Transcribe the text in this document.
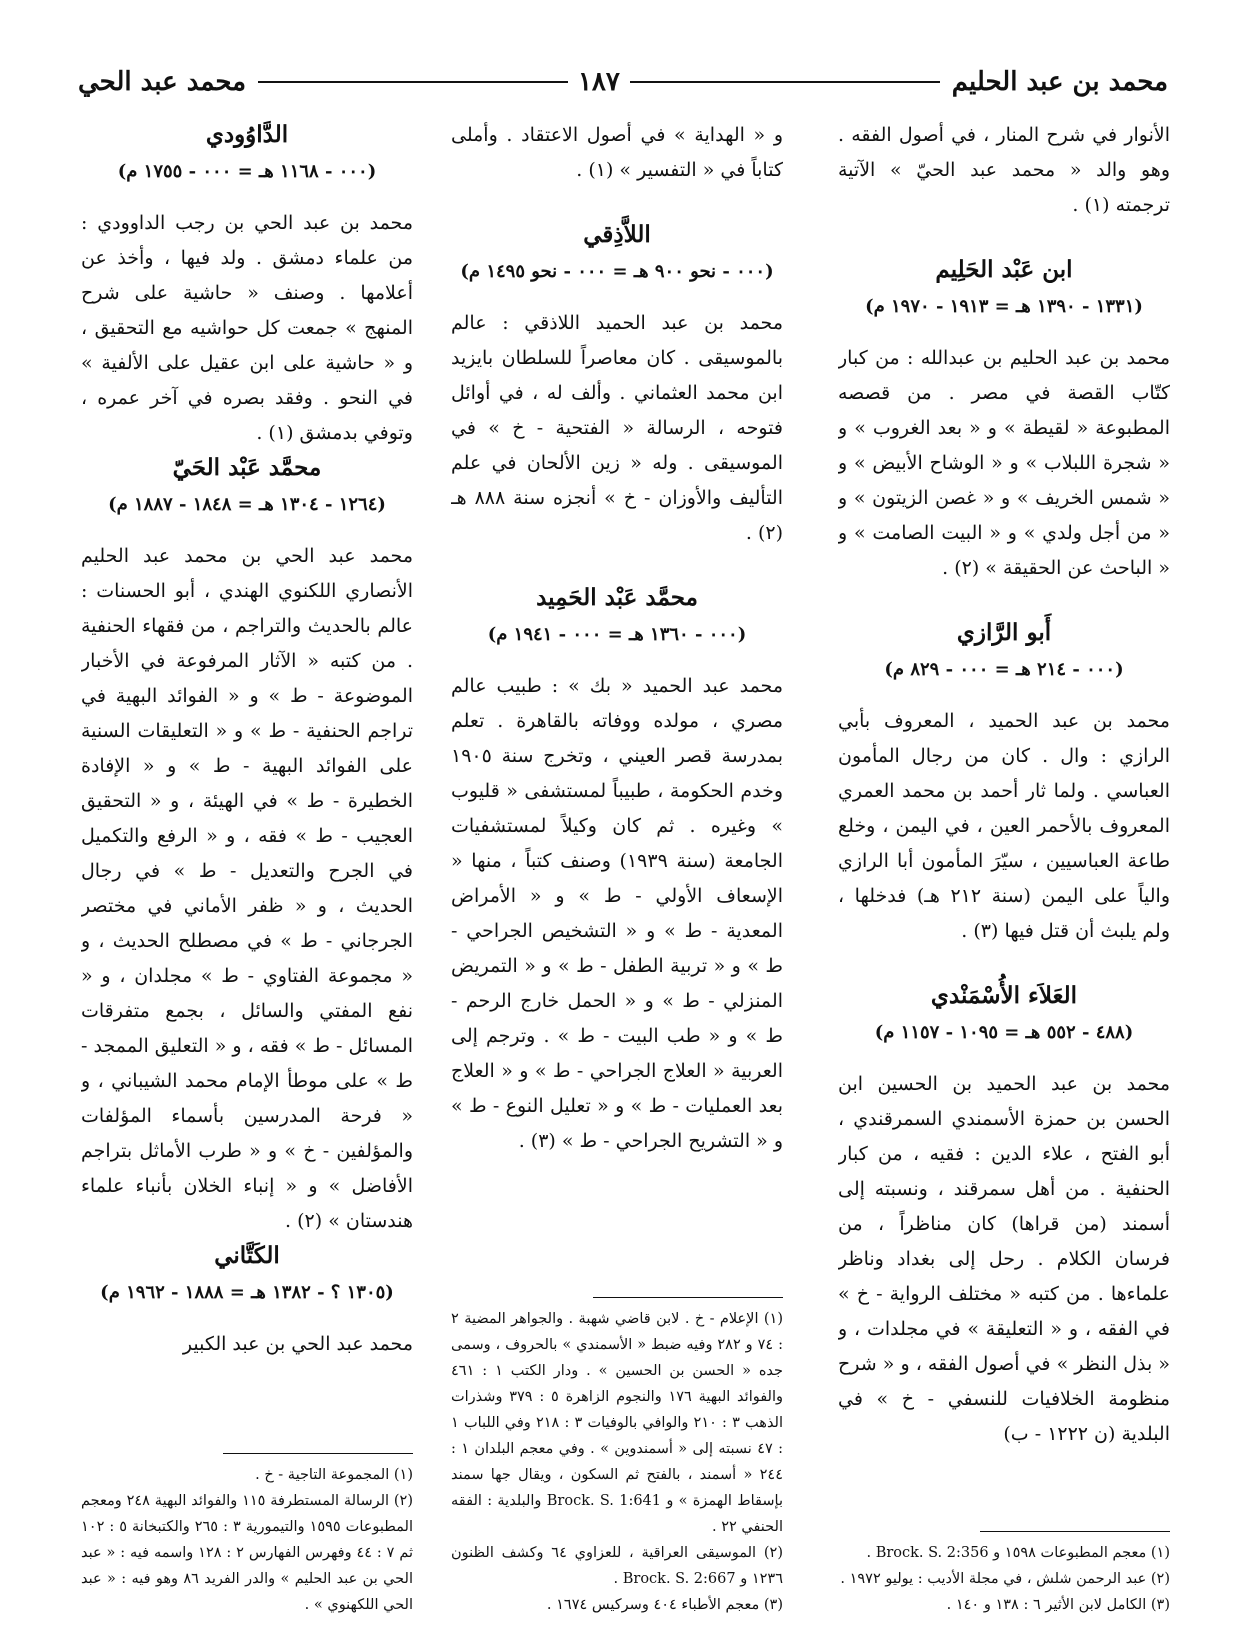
محمد بن عبد الحليم
١٨٧
محمد عبد الحي

الأنوار في شرح المنار ، في أصول الفقه . وهو والد « محمد عبد الحيّ » الآتية ترجمته (١) .

ابن عَبْد الحَلِيم
(١٣٣١ - ١٣٩٠ هـ = ١٩١٣ - ١٩٧٠ م)

محمد بن عبد الحليم بن عبدالله : من كبار كتّاب القصة في مصر . من قصصه المطبوعة « لقيطة » و « بعد الغروب » و « شجرة اللبلاب » و « الوشاح الأبيض » و « شمس الخريف » و « غصن الزيتون » و « من أجل ولدي » و « البيت الصامت » و « الباحث عن الحقيقة » (٢) .

أَبو الرَّازي
(٠٠٠ - ٢١٤ هـ = ٠٠٠ - ٨٢٩ م)

محمد بن عبد الحميد ، المعروف بأبي الرازي : وال . كان من رجال المأمون العباسي . ولما ثار أحمد بن محمد العمري المعروف بالأحمر العين ، في اليمن ، وخلع طاعة العباسيين ، سيّرَ المأمون أبا الرازي والياً على اليمن (سنة ٢١٢ هـ) فدخلها ، ولم يلبث أن قتل فيها (٣) .

العَلاَء الأُسْمَنْدي
(٤٨٨ - ٥٥٢ هـ = ١٠٩٥ - ١١٥٧ م)

محمد بن عبد الحميد بن الحسين ابن الحسن بن حمزة الأسمندي السمرقندي ، أبو الفتح ، علاء الدين : فقيه ، من كبار الحنفية . من أهل سمرقند ، ونسبته إلى أسمند (من قراها) كان مناظراً ، من فرسان الكلام . رحل إلى بغداد وناظر علماءها . من كتبه « مختلف الرواية - خ » في الفقه ، و « التعليقة » في مجلدات ، و « بذل النظر » في أصول الفقه ، و « شرح منظومة الخلافيات للنسفي - خ » في البلدية (ن ١٢٢٢ - ب)

(١) معجم المطبوعات ١٥٩٨ و Brock. S. 2:356 .

(٢) عبد الرحمن شلش ، في مجلة الأديب : يوليو ١٩٧٢ .

(٣) الكامل لابن الأثير ٦ : ١٣٨ و ١٤٠ .

و « الهداية » في أصول الاعتقاد . وأملى كتاباً في « التفسير » (١) .

اللاَّذِقي
(٠٠٠ - نحو ٩٠٠ هـ = ٠٠٠ - نحو ١٤٩٥ م)

محمد بن عبد الحميد اللاذقي : عالم بالموسيقى . كان معاصراً للسلطان بايزيد ابن محمد العثماني . وألف له ، في أوائل فتوحه ، الرسالة « الفتحية - خ » في الموسيقى . وله « زين الألحان في علم التأليف والأوزان - خ » أنجزه سنة ٨٨٨ هـ (٢) .

محمَّد عَبْد الحَمِيد
(٠٠٠ - ١٣٦٠ هـ = ٠٠٠ - ١٩٤١ م)

محمد عبد الحميد « بك » : طبيب عالم مصري ، مولده ووفاته بالقاهرة . تعلم بمدرسة قصر العيني ، وتخرج سنة ١٩٠٥ وخدم الحكومة ، طبيباً لمستشفى « قليوب » وغيره . ثم كان وكيلاً لمستشفيات الجامعة (سنة ١٩٣٩) وصنف كتباً ، منها « الإسعاف الأولي - ط » و « الأمراض المعدية - ط » و « التشخيص الجراحي - ط » و « تربية الطفل - ط » و « التمريض المنزلي - ط » و « الحمل خارج الرحم - ط » و « طب البيت - ط » . وترجم إلى العربية « العلاج الجراحي - ط » و « العلاج بعد العمليات - ط » و « تعليل النوع - ط » و « التشريح الجراحي - ط » (٣) .

(١) الإعلام - خ . لابن قاضي شهبة . والجواهر المضية ٢ : ٧٤ و ٢٨٢ وفيه ضبط « الأسمندي » بالحروف ، وسمى جده « الحسن بن الحسين » . ودار الكتب ١ : ٤٦١ والفوائد البهية ١٧٦ والنجوم الزاهرة ٥ : ٣٧٩ وشذرات الذهب ٣ : ٢١٠ والوافي بالوفيات ٣ : ٢١٨ وفي اللباب ١ : ٤٧ نسبته إلى « أسمندوين » . وفي معجم البلدان ١ : ٢٤٤ « أسمند ، بالفتح ثم السكون ، ويقال جها سمند بإسقاط الهمزة » و Brock. S. 1:641 والبلدية : الفقه الحنفي ٢٢ .

(٢) الموسيقى العراقية ، للعزاوي ٦٤ وكشف الظنون ١٢٣٦ و Brock. S. 2:667 .

(٣) معجم الأطباء ٤٠٤ وسركيس ١٦٧٤ .

الدَّاوُودي
(٠٠٠ - ١١٦٨ هـ = ٠٠٠ - ١٧٥٥ م)

محمد بن عبد الحي بن رجب الداوودي : من علماء دمشق . ولد فيها ، وأخذ عن أعلامها . وصنف « حاشية على شرح المنهج » جمعت كل حواشيه مع التحقيق ، و « حاشية على ابن عقيل على الألفية » في النحو . وفقد بصره في آخر عمره ، وتوفي بدمشق (١) .

محمَّد عَبْد الحَيّ
(١٢٦٤ - ١٣٠٤ هـ = ١٨٤٨ - ١٨٨٧ م)

محمد عبد الحي بن محمد عبد الحليم الأنصاري اللكنوي الهندي ، أبو الحسنات : عالم بالحديث والتراجم ، من فقهاء الحنفية . من كتبه « الآثار المرفوعة في الأخبار الموضوعة - ط » و « الفوائد البهية في تراجم الحنفية - ط » و « التعليقات السنية على الفوائد البهية - ط » و « الإفادة الخطيرة - ط » في الهيئة ، و « التحقيق العجيب - ط » فقه ، و « الرفع والتكميل في الجرح والتعديل - ط » في رجال الحديث ، و « ظفر الأماني في مختصر الجرجاني - ط » في مصطلح الحديث ، و « مجموعة الفتاوي - ط » مجلدان ، و « نفع المفتي والسائل ، بجمع متفرقات المسائل - ط » فقه ، و « التعليق الممجد - ط » على موطأ الإمام محمد الشيباني ، و « فرحة المدرسين بأسماء المؤلفات والمؤلفين - خ » و « طرب الأماثل بتراجم الأفاضل » و « إنباء الخلان بأنباء علماء هندستان » (٢) .

الكَتَّاني
(١٣٠٥ ؟ - ١٣٨٢ هـ = ١٨٨٨ - ١٩٦٢ م)

محمد عبد الحي بن عبد الكبير

(١) المجموعة التاجية - خ .

(٢) الرسالة المستطرفة ١١٥ والفوائد البهية ٢٤٨ ومعجم المطبوعات ١٥٩٥ والتيمورية ٣ : ٢٦٥ والكتبخانة ٥ : ١٠٢ ثم ٧ : ٤٤ وفهرس الفهارس ٢ : ١٢٨ واسمه فيه : « عبد الحي بن عبد الحليم » والدر الفريد ٨٦ وهو فيه : « عبد الحي اللكهنوي » .
